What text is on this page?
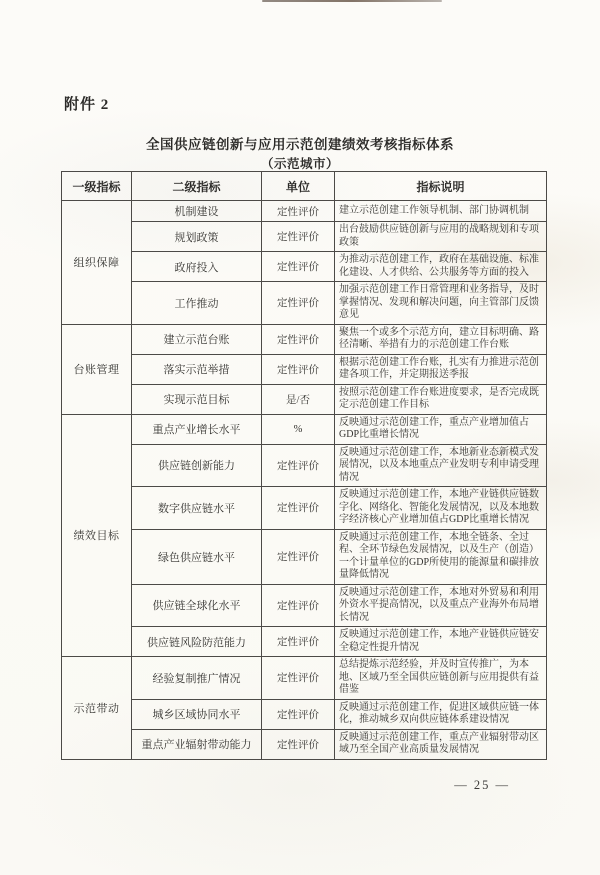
附件 2
全国供应链创新与应用示范创建绩效考核指标体系
（示范城市）
一级指标	二级指标	单位	指标说明
组织保障	机制建设	定性评价	建立示范创建工作领导机制、部门协调机制
	规划政策	定性评价	出台鼓励供应链创新与应用的战略规划和专项政策
	政府投入	定性评价	为推动示范创建工作，政府在基础设施、标准化建设、人才供给、公共服务等方面的投入
	工作推动	定性评价	加强示范创建工作日常管理和业务指导，及时掌握情况、发现和解决问题，向主管部门反馈意见
台账管理	建立示范台账	定性评价	聚焦一个或多个示范方向，建立目标明确、路径清晰、举措有力的示范创建工作台账
	落实示范举措	定性评价	根据示范创建工作台账，扎实有力推进示范创建各项工作，并定期报送季报
	实现示范目标	是/否	按照示范创建工作台账进度要求，是否完成既定示范创建工作目标
绩效目标	重点产业增长水平	%	反映通过示范创建工作，重点产业增加值占GDP比重增长情况
	供应链创新能力	定性评价	反映通过示范创建工作，本地新业态新模式发展情况，以及本地重点产业发明专利申请受理情况
	数字供应链水平	定性评价	反映通过示范创建工作，本地产业链供应链数字化、网络化、智能化发展情况，以及本地数字经济核心产业增加值占GDP比重增长情况
	绿色供应链水平	定性评价	反映通过示范创建工作，本地全链条、全过程、全环节绿色发展情况，以及生产（创造）一个计量单位的GDP所使用的能源量和碳排放量降低情况
	供应链全球化水平	定性评价	反映通过示范创建工作，本地对外贸易和利用外资水平提高情况，以及重点产业海外布局增长情况
	供应链风险防范能力	定性评价	反映通过示范创建工作，本地产业链供应链安全稳定性提升情况
示范带动	经验复制推广情况	定性评价	总结提炼示范经验，并及时宣传推广，为本地、区域乃至全国供应链创新与应用提供有益借鉴
	城乡区域协同水平	定性评价	反映通过示范创建工作，促进区域供应链一体化，推动城乡双向供应链体系建设情况
	重点产业辐射带动能力	定性评价	反映通过示范创建工作，重点产业辐射带动区域乃至全国产业高质量发展情况
— 25 —
